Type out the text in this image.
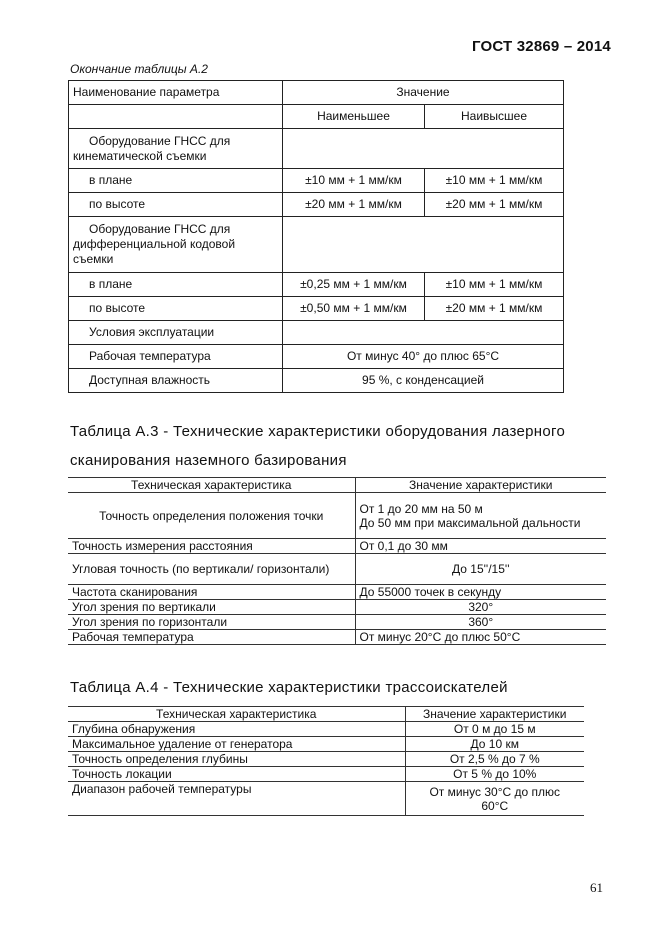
ГОСТ 32869 – 2014
Окончание таблицы А.2
Наименование параметра	Значение	
	Наименьшее	Наивысшее
Оборудование ГНСС для кинематической съемки		
в плане	±10 мм + 1 мм/км	±10 мм + 1 мм/км
по высоте	±20 мм + 1 мм/км	±20 мм + 1 мм/км
Оборудование ГНСС для дифференциальной кодовой съемки		
в плане	±0,25 мм + 1 мм/км	±10 мм + 1 мм/км
по высоте	±0,50 мм + 1 мм/км	±20 мм + 1 мм/км
Условия эксплуатации		
Рабочая температура	От минус 40° до плюс 65°С	
Доступная влажность	95 %, с конденсацией	
Таблица А.3 - Технические характеристики оборудования лазерного
сканирования наземного базирования
Техническая характеристика	Значение характеристики
Точность определения положения точки	От 1 до 20 мм на 50 м
До 50 мм при максимальной дальности
Точность измерения расстояния	От 0,1 до 30 мм
Угловая точность (по вертикали/ горизонтали)	До 15''/15''
Частота сканирования	До 55000 точек в секунду
Угол зрения по вертикали	320°
Угол зрения по горизонтали	360°
Рабочая температура	От минус 20°С до плюс 50°С
Таблица А.4 - Технические характеристики трассоискателей
Техническая характеристика	Значение характеристики
Глубина обнаружения	От 0 м до 15 м
Максимальное удаление от генератора	До 10 км
Точность определения глубины	От 2,5 % до 7 %
Точность локации	От 5 % до 10%
Диапазон рабочей температуры	От минус 30°С до плюс 60°С
61
